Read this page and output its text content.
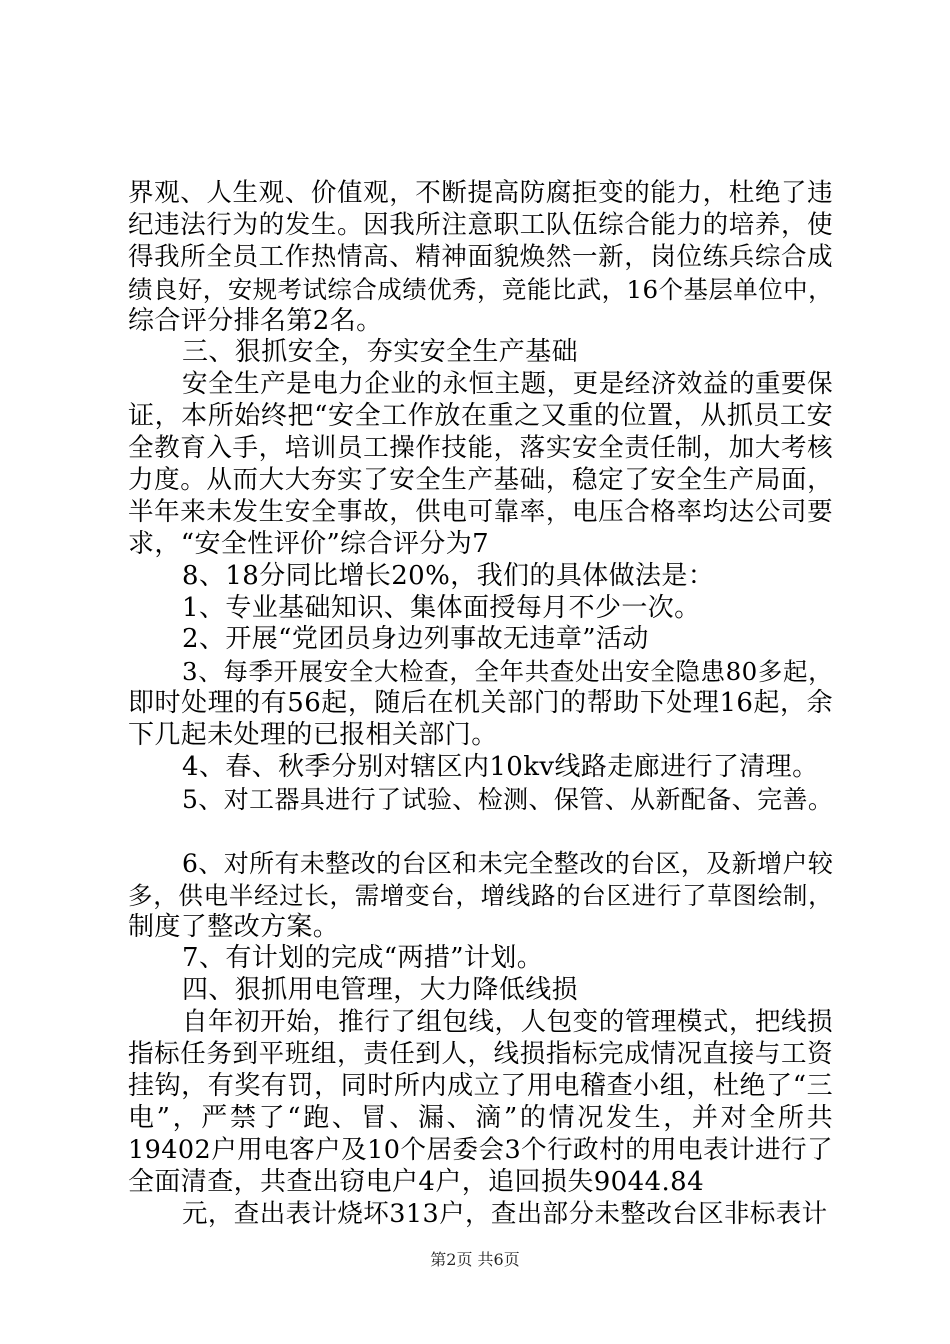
界观、人生观、价值观，不断提高防腐拒变的能力，杜绝了违
纪违法行为的发生。因我所注意职工队伍综合能力的培养，使
得我所全员工作热情高、精神面貌焕然一新，岗位练兵综合成
绩良好，安规考试综合成绩优秀，竞能比武，16个基层单位中，
综合评分排名第2名。
三、狠抓安全，夯实安全生产基础
安全生产是电力企业的永恒主题，更是经济效益的重要保
证，本所始终把“安全工作放在重之又重的位置，从抓员工安
全教育入手，培训员工操作技能，落实安全责任制，加大考核
力度。从而大大夯实了安全生产基础，稳定了安全生产局面，
半年来未发生安全事故，供电可靠率，电压合格率均达公司要
求，“安全性评价”综合评分为7
8、18分同比增长20%，我们的具体做法是：
1、专业基础知识、集体面授每月不少一次。
2、开展“党团员身边列事故无违章”活动
3、每季开展安全大检查，全年共查处出安全隐患80多起，
即时处理的有56起，随后在机关部门的帮助下处理16起，余
下几起未处理的已报相关部门。
4、春、秋季分别对辖区内10kv线路走廊进行了清理。
5、对工器具进行了试验、检测、保管、从新配备、完善。
6、对所有未整改的台区和未完全整改的台区，及新增户较
多，供电半经过长，需增变台，增线路的台区进行了草图绘制，
制度了整改方案。
7、有计划的完成“两措”计划。
四、狠抓用电管理，大力降低线损
自年初开始，推行了组包线，人包变的管理模式，把线损
指标任务到平班组，责任到人，线损指标完成情况直接与工资
挂钩，有奖有罚，同时所内成立了用电稽查小组，杜绝了“三
电”，严禁了“跑、冒、漏、滴”的情况发生，并对全所共
19402户用电客户及10个居委会3个行政村的用电表计进行了
全面清查，共查出窃电户4户，追回损失9044.84
元，查出表计烧坏313户，查出部分未整改台区非标表计
第2页 共6页
